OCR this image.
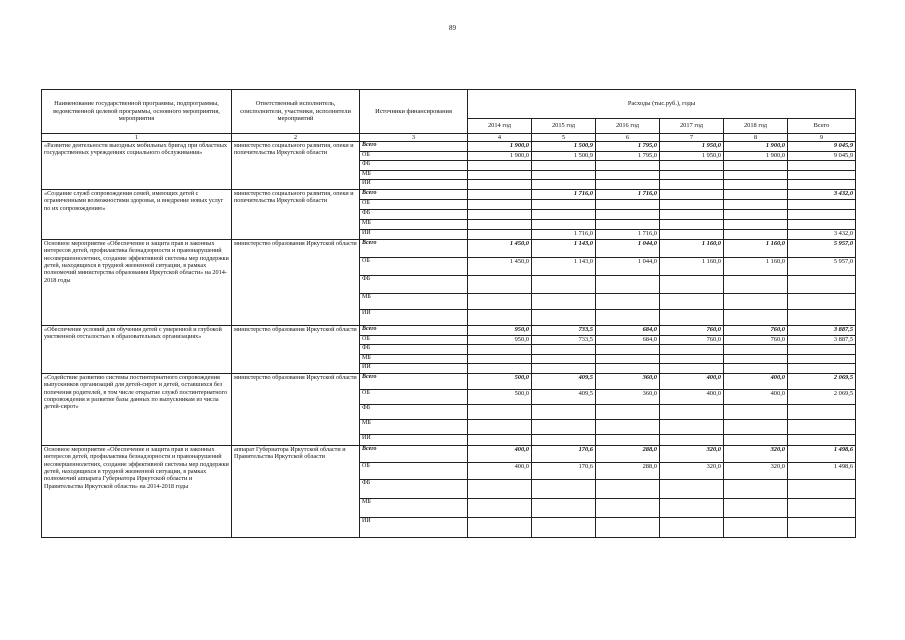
89
Наименование государственной программы, подпрограммы, ведомственной целевой программы, основного мероприятия, мероприятия	Ответственный исполнитель, соисполнители, участники, исполнители мероприятий	Источники финансирования	Расходы (тыс.руб.), годы					
			2014 год	2015 год	2016 год	2017 год	2018 год	Всего
1	2	3	4	5	6	7	8	9
«Развитие деятельности выездных мобильных бригад при областных государственных учреждениях социального обслуживания»	министерство социального развития, опеки и попечительства Иркутской области	Всего	1 900,0	1 500,9	1 795,0	1 950,0	1 900,0	9 045,9
		ОБ	1 900,0	1 500,9	1 795,0	1 950,0	1 900,0	9 045,9
		ФБ						
		МБ						
		ИИ						
«Создание служб сопровождения семей, имеющих детей с ограниченными возможностями здоровья, и внедрение новых услуг по их сопровождению»	министерство социального развития, опеки и попечительства Иркутской области	Всего		1 716,0	1 716,0			3 432,0
		ОБ						
		ФБ						
		МБ						
		ИИ		1 716,0	1 716,0			3 432,0
Основное мероприятие «Обеспечение и защита прав и законных интересов детей, профилактика безнадзорности и правонарушений несовершеннолетних, создание эффективной системы мер поддержки детей, находящихся в трудной жизненной ситуации, в рамках полномочий министерства образования Иркутской области» на 2014-2018 годы	министерство образования Иркутской области	Всего	1 450,0	1 143,0	1 044,0	1 160,0	1 160,0	5 957,0
		ОБ	1 450,0	1 143,0	1 044,0	1 160,0	1 160,0	5 957,0
		ФБ						
		МБ						
		ИИ						
«Обеспечение условий для обучения детей с умеренной и глубокой умственной отсталостью в образовательных организациях»	министерство образования Иркутской области	Всего	950,0	733,5	684,0	760,0	760,0	3 887,5
		ОБ	950,0	733,5	684,0	760,0	760,0	3 887,5
		ФБ						
		МБ						
		ИИ						
«Содействие развитию системы постинтернатного сопровождения выпускников организаций для детей-сирот и детей, оставшихся без попечения родителей, в том числе открытие служб постинтернатного сопровождения и развитие базы данных по выпускникам из числа детей-сирот»	министерство образования Иркутской области	Всего	500,0	409,5	360,0	400,0	400,0	2 069,5
		ОБ	500,0	409,5	360,0	400,0	400,0	2 069,5
		ФБ						
		МБ						
		ИИ						
Основное мероприятие «Обеспечение и защита прав и законных интересов детей, профилактика безнадзорности и правонарушений несовершеннолетних, создание эффективной системы мер поддержки детей, находящихся в трудной жизненной ситуации, в рамках полномочий аппарата Губернатора Иркутской области и Правительства Иркутской области» на 2014-2018 годы	аппарат Губернатора Иркутской области и Правительства Иркутской области	Всего	400,0	170,6	288,0	320,0	320,0	1 498,6
		ОБ	400,0	170,6	288,0	320,0	320,0	1 498,6
		ФБ						
		МБ						
		ИИ						
